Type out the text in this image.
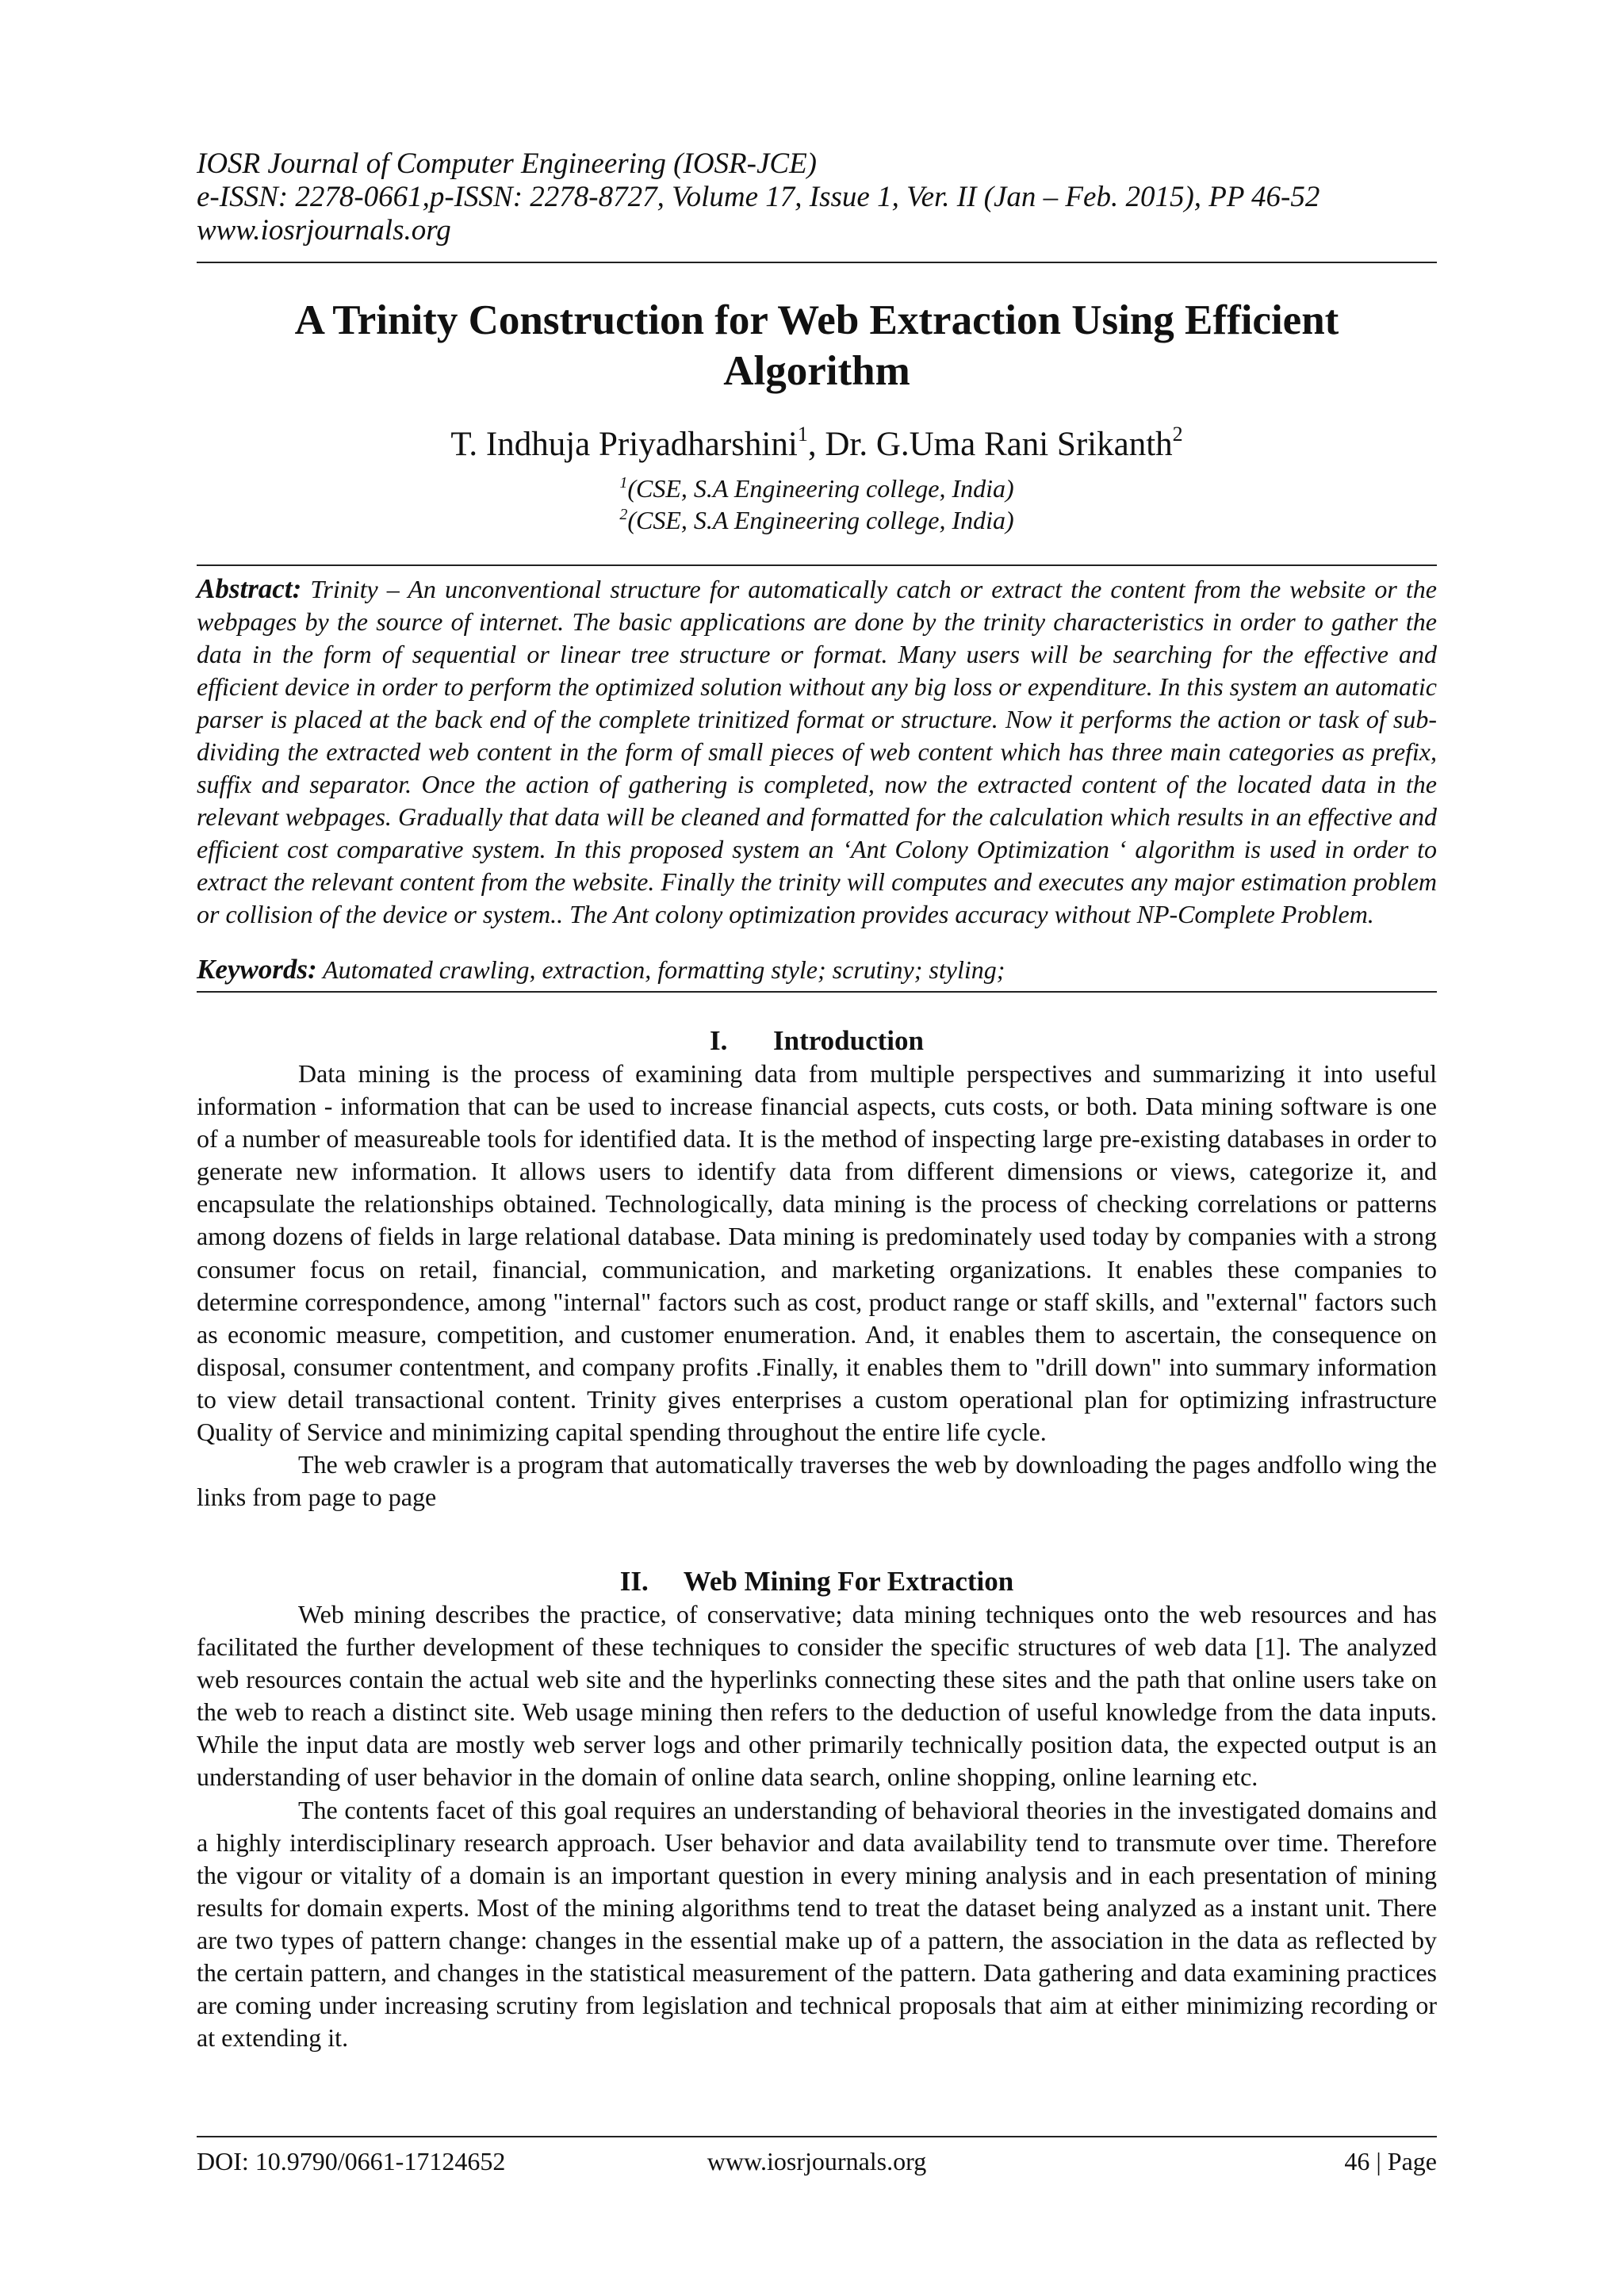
IOSR Journal of Computer Engineering (IOSR-JCE)
e-ISSN: 2278-0661,p-ISSN: 2278-8727, Volume 17, Issue 1, Ver. II (Jan – Feb. 2015), PP 46-52
www.iosrjournals.org
A Trinity Construction for Web Extraction Using Efficient
Algorithm
T. Indhuja Priyadharshini$^1$, Dr. G.Uma Rani Srikanth$^2$
$^1$(CSE, S.A Engineering college, India)
$^2$(CSE, S.A Engineering college, India)
Abstract: Trinity – An unconventional structure for automatically catch or extract the content from the website or the webpages by the source of internet. The basic applications are done by the trinity characteristics in order to gather the data in the form of sequential or linear tree structure or format. Many users will be searching for the effective and efficient device in order to perform the optimized solution without any big loss or expenditure. In this system an automatic parser is placed at the back end of the complete trinitized format or structure. Now it performs the action or task of sub-dividing the extracted web content in the form of small pieces of web content which has three main categories as prefix, suffix and separator. Once the action of gathering is completed, now the extracted content of the located data in the relevant webpages. Gradually that data will be cleaned and formatted for the calculation which results in an effective and efficient cost comparative system. In this proposed system an ‘Ant Colony Optimization ‘ algorithm is used in order to extract the relevant content from the website. Finally the trinity will computes and executes any major estimation problem or collision of the device or system.. The Ant colony optimization provides accuracy without NP-Complete Problem.
Keywords: Automated crawling, extraction, formatting style; scrutiny; styling;
I. Introduction

Data mining is the process of examining data from multiple perspectives and summarizing it into useful information - information that can be used to increase financial aspects, cuts costs, or both. Data mining software is one of a number of measureable tools for identified data. It is the method of inspecting large pre-existing databases in order to generate new information. It allows users to identify data from different dimensions or views, categorize it, and encapsulate the relationships obtained. Technologically, data mining is the process of checking correlations or patterns among dozens of fields in large relational database. Data mining is predominately used today by companies with a strong consumer focus on retail, financial, communication, and marketing organizations. It enables these companies to determine correspondence, among "internal" factors such as cost, product range or staff skills, and "external" factors such as economic measure, competition, and customer enumeration. And, it enables them to ascertain, the consequence on disposal, consumer contentment, and company profits .Finally, it enables them to "drill down" into summary information to view detail transactional content. Trinity gives enterprises a custom operational plan for optimizing infrastructure Quality of Service and minimizing capital spending throughout the entire life cycle.

The web crawler is a program that automatically traverses the web by downloading the pages andfollo wing the links from page to page

II. Web Mining For Extraction

Web mining describes the practice, of conservative; data mining techniques onto the web resources and has facilitated the further development of these techniques to consider the specific structures of web data [1]. The analyzed web resources contain the actual web site and the hyperlinks connecting these sites and the path that online users take on the web to reach a distinct site. Web usage mining then refers to the deduction of useful knowledge from the data inputs. While the input data are mostly web server logs and other primarily technically position data, the expected output is an understanding of user behavior in the domain of online data search, online shopping, online learning etc.

The contents facet of this goal requires an understanding of behavioral theories in the investigated domains and a highly interdisciplinary research approach. User behavior and data availability tend to transmute over time. Therefore the vigour or vitality of a domain is an important question in every mining analysis and in each presentation of mining results for domain experts. Most of the mining algorithms tend to treat the dataset being analyzed as a instant unit. There are two types of pattern change: changes in the essential make up of a pattern, the association in the data as reflected by the certain pattern, and changes in the statistical measurement of the pattern. Data gathering and data examining practices are coming under increasing scrutiny from legislation and technical proposals that aim at either minimizing recording or at extending it.

DOI: 10.9790/0661-17124652	www.iosrjournals.org	46 | Page
